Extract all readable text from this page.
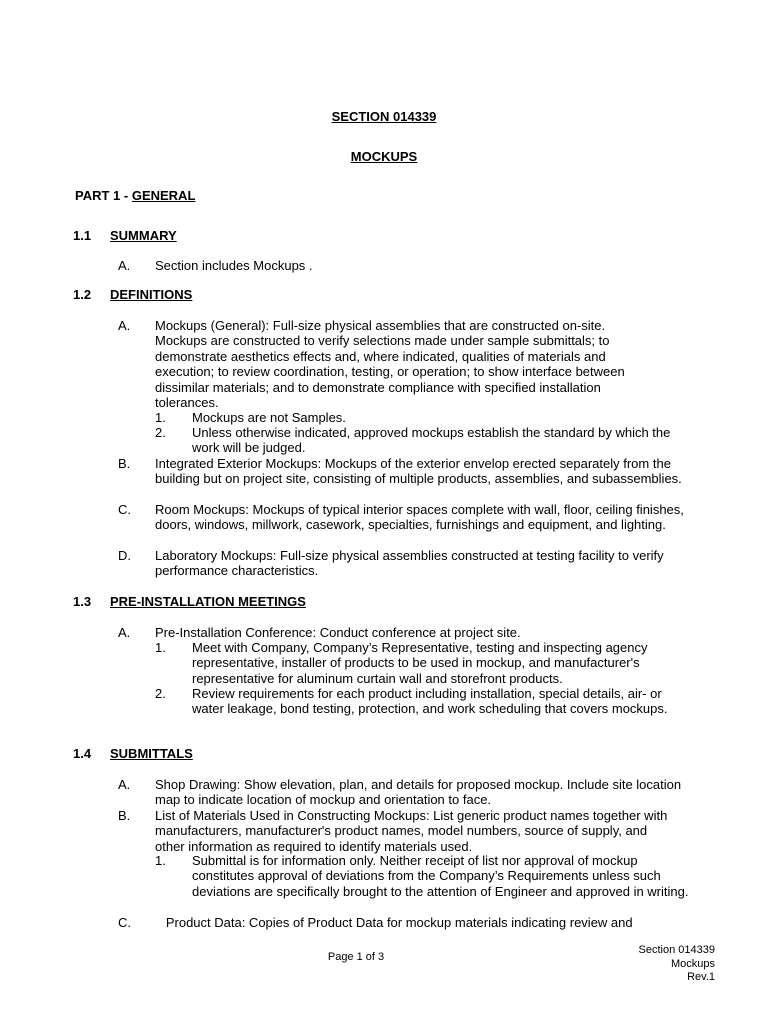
SECTION 014339
MOCKUPS
PART 1 - GENERAL
1.1 SUMMARY
A. Section includes Mockups .
1.2 DEFINITIONS
A. Mockups (General): Full-size physical assemblies that are constructed on-site. Mockups are constructed to verify selections made under sample submittals; to demonstrate aesthetics effects and, where indicated, qualities of materials and execution; to review coordination, testing, or operation; to show interface between dissimilar materials; and to demonstrate compliance with specified installation tolerances.
1. Mockups are not Samples.
2. Unless otherwise indicated, approved mockups establish the standard by which the work will be judged.
B. Integrated Exterior Mockups: Mockups of the exterior envelop erected separately from the building but on project site, consisting of multiple products, assemblies, and subassemblies.
C. Room Mockups: Mockups of typical interior spaces complete with wall, floor, ceiling finishes, doors, windows, millwork, casework, specialties, furnishings and equipment, and lighting.
D. Laboratory Mockups: Full-size physical assemblies constructed at testing facility to verify performance characteristics.
1.3 PRE-INSTALLATION MEETINGS
A. Pre-Installation Conference: Conduct conference at project site.
1. Meet with Company, Company’s Representative, testing and inspecting agency representative, installer of products to be used in mockup, and manufacturer's representative for aluminum curtain wall and storefront products.
2. Review requirements for each product including installation, special details, air- or water leakage, bond testing, protection, and work scheduling that covers mockups.
1.4 SUBMITTALS
A. Shop Drawing: Show elevation, plan, and details for proposed mockup. Include site location map to indicate location of mockup and orientation to face.
B. List of Materials Used in Constructing Mockups: List generic product names together with manufacturers, manufacturer's product names, model numbers, source of supply, and other information as required to identify materials used.
1. Submittal is for information only. Neither receipt of list nor approval of mockup constitutes approval of deviations from the Company’s Requirements unless such deviations are specifically brought to the attention of Engineer and approved in writing.
C. Product Data: Copies of Product Data for mockup materials indicating review and
Page 1 of 3
Section 014339
Mockups
Rev.1
